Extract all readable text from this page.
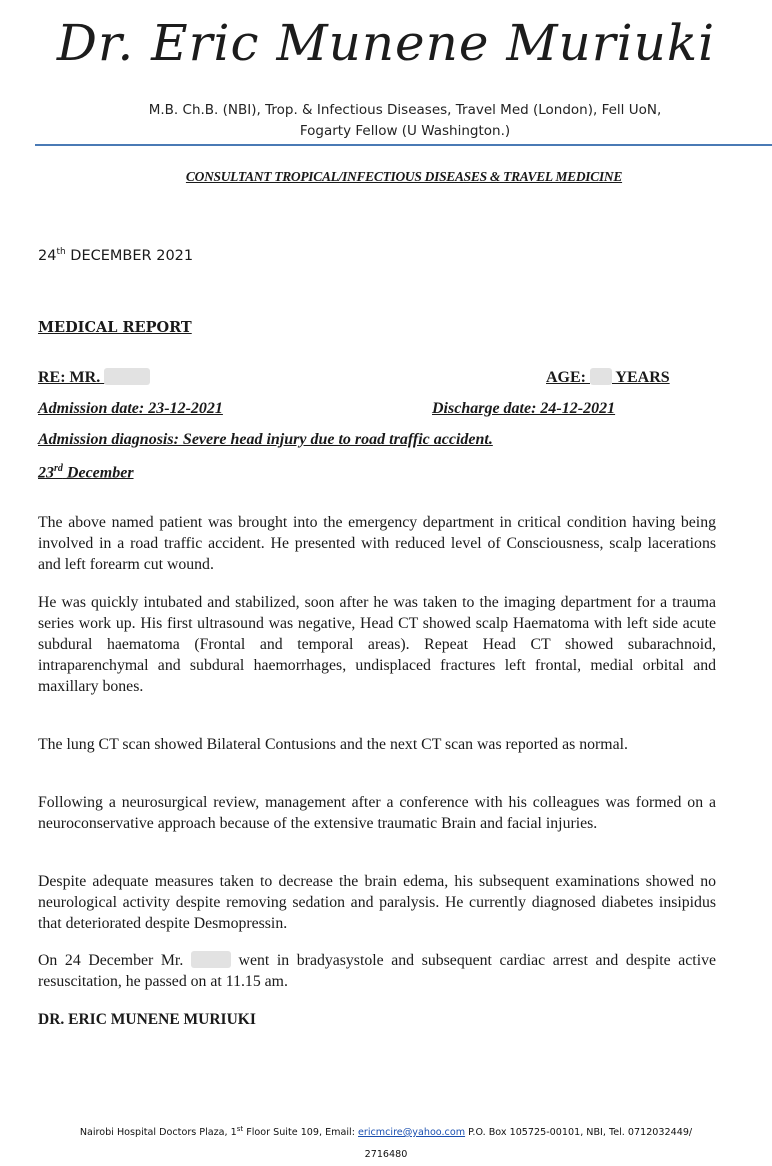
Dr. Eric Munene Muriuki
M.B. Ch.B. (NBI), Trop. & Infectious Diseases, Travel Med (London), Fell UoN,
Fogarty Fellow (U Washington.)
CONSULTANT TROPICAL/INFECTIOUS DISEASES & TRAVEL MEDICINE
24th DECEMBER 2021
MEDICAL REPORT
RE: MR.	AGE:  YEARS
Admission date: 23-12-2021	Discharge date: 24-12-2021
Admission diagnosis: Severe head injury due to road traffic accident.
23rd December
The above named patient was brought into the emergency department in critical condition having being involved in a road traffic accident. He presented with reduced level of Consciousness, scalp lacerations and left forearm cut wound.
He was quickly intubated and stabilized, soon after he was taken to the imaging department for a trauma series work up. His first ultrasound was negative, Head CT showed scalp Haematoma with left side acute subdural haematoma (Frontal and temporal areas). Repeat Head CT showed subarachnoid, intraparenchymal and subdural haemorrhages, undisplaced fractures left frontal, medial orbital and maxillary bones.
The lung CT scan showed Bilateral Contusions and the next CT scan was reported as normal.
Following a neurosurgical review, management after a conference with his colleagues was formed on a neuroconservative approach because of the extensive traumatic Brain and facial injuries.
Despite adequate measures taken to decrease the brain edema, his subsequent examinations showed no neurological activity despite removing sedation and paralysis. He currently diagnosed diabetes insipidus that deteriorated despite Desmopressin.
On 24 December Mr.	went in bradyasystole and subsequent cardiac arrest and despite active resuscitation, he passed on at 11.15 am.
DR. ERIC MUNENE MURIUKI
Nairobi Hospital Doctors Plaza, 1st Floor Suite 109, Email: ericmcire@yahoo.com P.O. Box 105725-00101, NBI, Tel. 0712032449/
2716480
